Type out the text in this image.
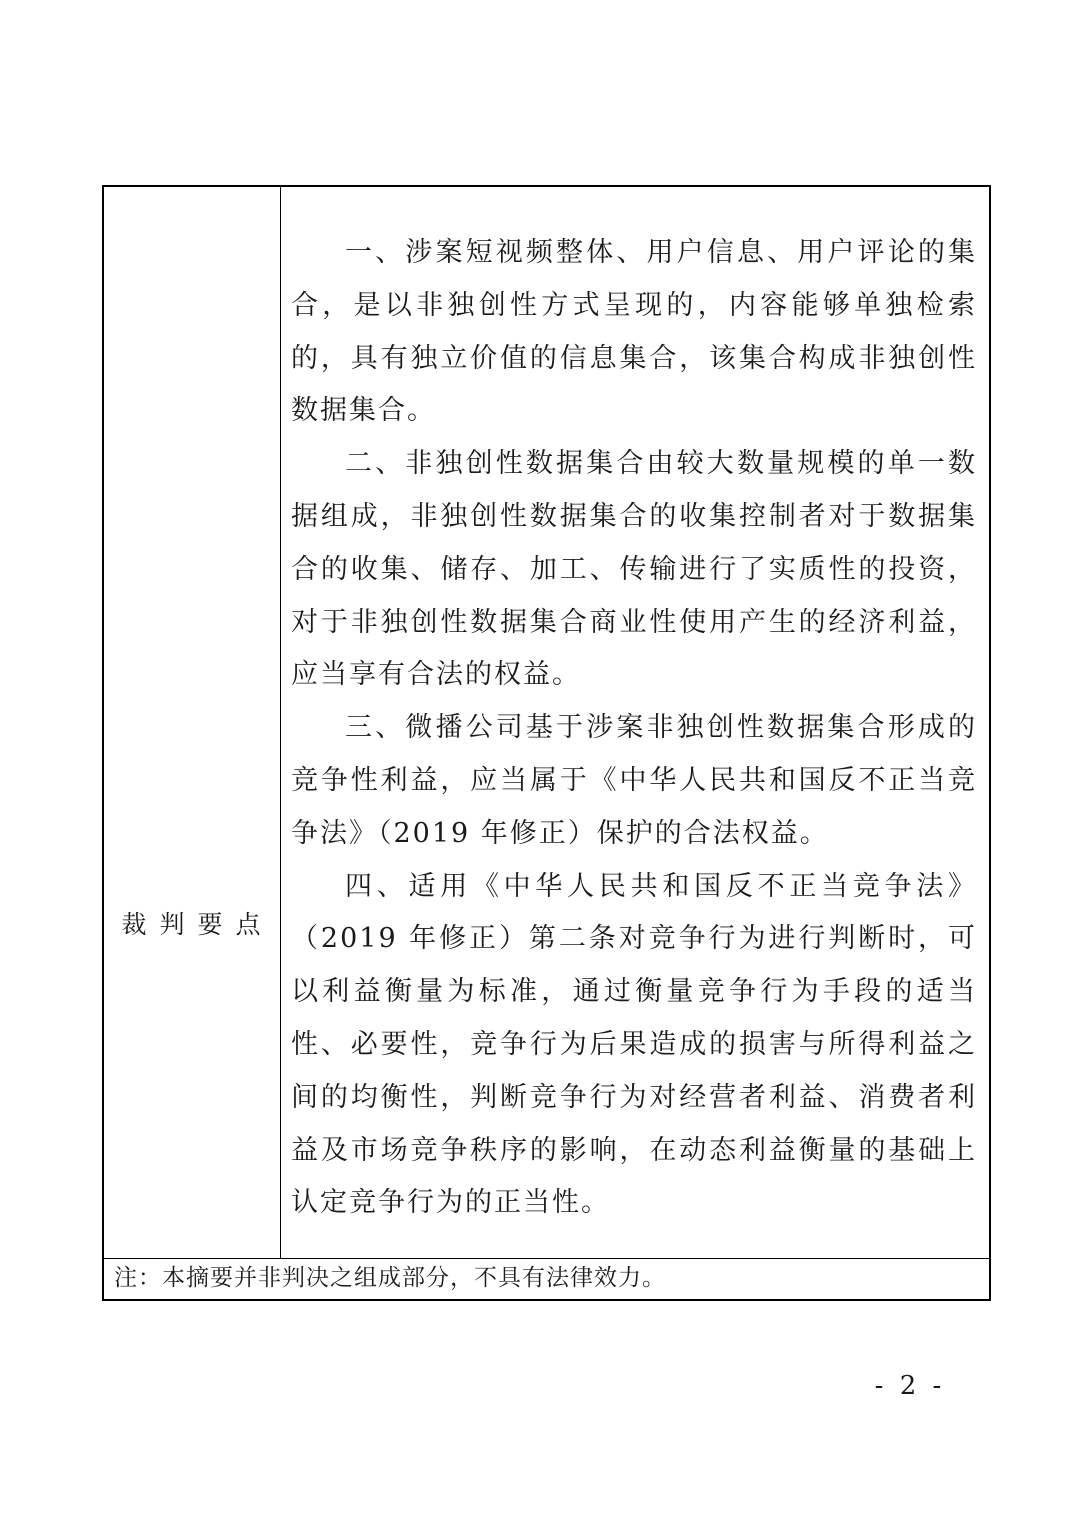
裁判要点

一、涉案短视频整体、用户信息、用户评论的集合，是以非独创性方式呈现的，内容能够单独检索的，具有独立价值的信息集合，该集合构成非独创性数据集合。

二、非独创性数据集合由较大数量规模的单一数据组成，非独创性数据集合的收集控制者对于数据集合的收集、储存、加工、传输进行了实质性的投资，对于非独创性数据集合商业性使用产生的经济利益，应当享有合法的权益。

三、微播公司基于涉案非独创性数据集合形成的竞争性利益，应当属于《中华人民共和国反不正当竞争法》（2019 年修正）保护的合法权益。

四、适用《中华人民共和国反不正当竞争法》（2019 年修正）第二条对竞争行为进行判断时，可以利益衡量为标准，通过衡量竞争行为手段的适当性、必要性，竞争行为后果造成的损害与所得利益之间的均衡性，判断竞争行为对经营者利益、消费者利益及市场竞争秩序的影响，在动态利益衡量的基础上认定竞争行为的正当性。

注：本摘要并非判决之组成部分，不具有法律效力。
- 2 -
